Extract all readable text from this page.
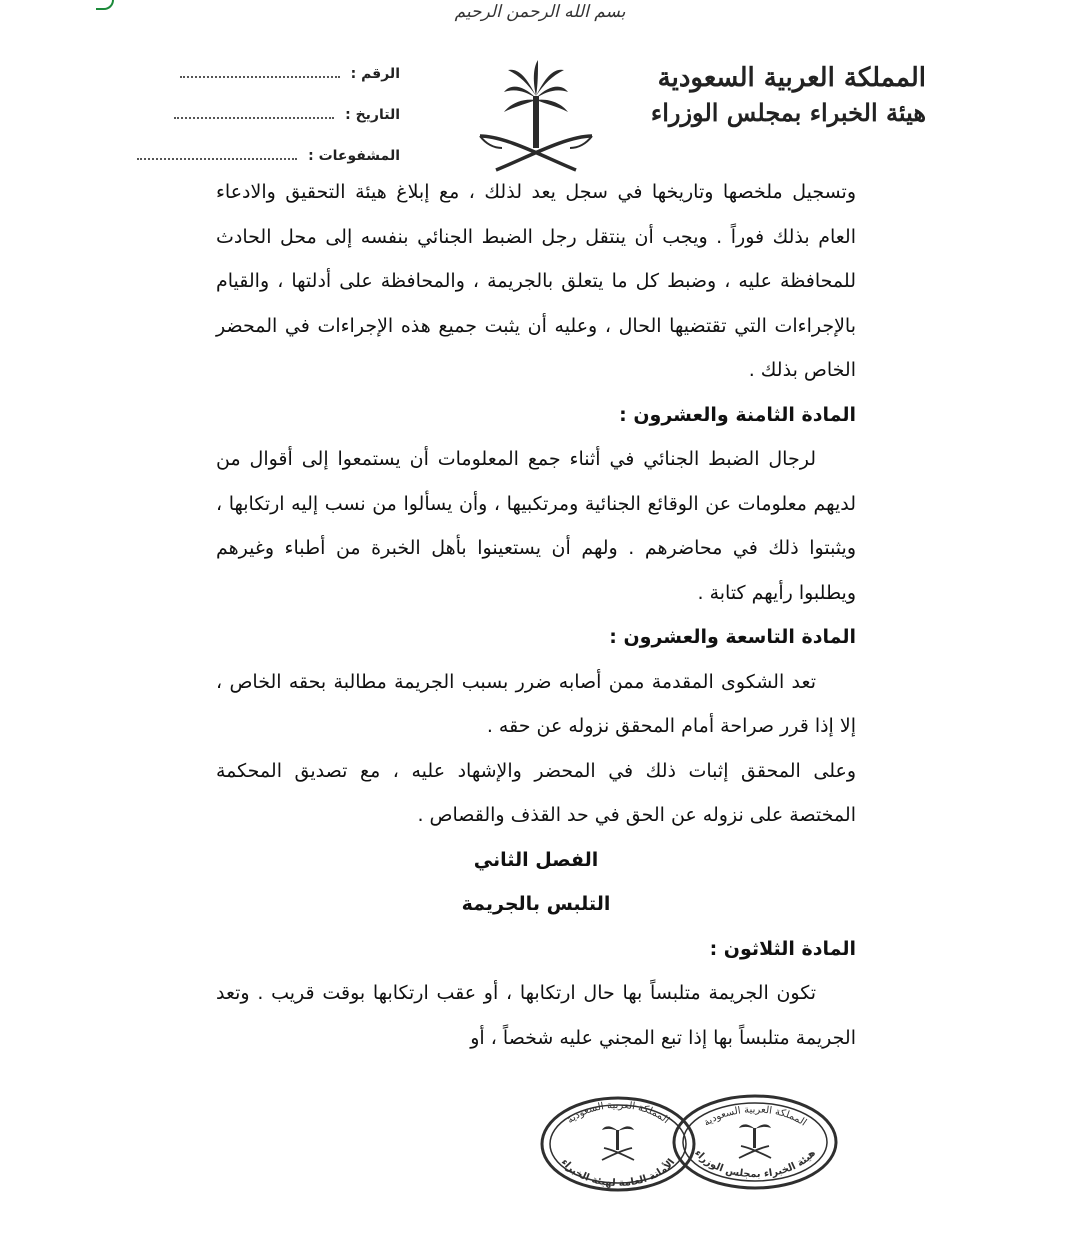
بسم الله الرحمن الرحيم
المملكة العربية السعودية
هيئة الخبراء بمجلس الوزراء
الرقم :
التاريخ :
المشفوعات :

وتسجيل ملخصها وتاريخها في سجل يعد لذلك ، مع إبلاغ هيئة التحقيق والادعاء العام بذلك فوراً . ويجب أن ينتقل رجل الضبط الجنائي بنفسه إلى محل الحادث للمحافظة عليه ، وضبط كل ما يتعلق بالجريمة ، والمحافظة على أدلتها ، والقيام بالإجراءات التي تقتضيها الحال ، وعليه أن يثبت جميع هذه الإجراءات في المحضر الخاص بذلك .

المادة الثامنة والعشرون :

لرجال الضبط الجنائي في أثناء جمع المعلومات أن يستمعوا إلى أقوال من لديهم معلومات عن الوقائع الجنائية ومرتكبيها ، وأن يسألوا من نسب إليه ارتكابها ، ويثبتوا ذلك في محاضرهم . ولهم أن يستعينوا بأهل الخبرة من أطباء وغيرهم ويطلبوا رأيهم كتابة .

المادة التاسعة والعشرون :

تعد الشكوى المقدمة ممن أصابه ضرر بسبب الجريمة مطالبة بحقه الخاص ، إلا إذا قرر صراحة أمام المحقق نزوله عن حقه .

وعلى المحقق إثبات ذلك في المحضر والإشهاد عليه ، مع تصديق المحكمة المختصة على نزوله عن الحق في حد القذف والقصاص .

الفصل الثاني

التلبس بالجريمة

المادة الثلاثون :

تكون الجريمة متلبساً بها حال ارتكابها ، أو عقب ارتكابها بوقت قريب . وتعد الجريمة متلبساً بها إذا تبع المجني عليه شخصاً ، أو

المملكة العربية السعودية
الأمانة العامة لهيئة الخبراء
المملكة العربية السعودية
هيئة الخبراء بمجلس الوزراء
